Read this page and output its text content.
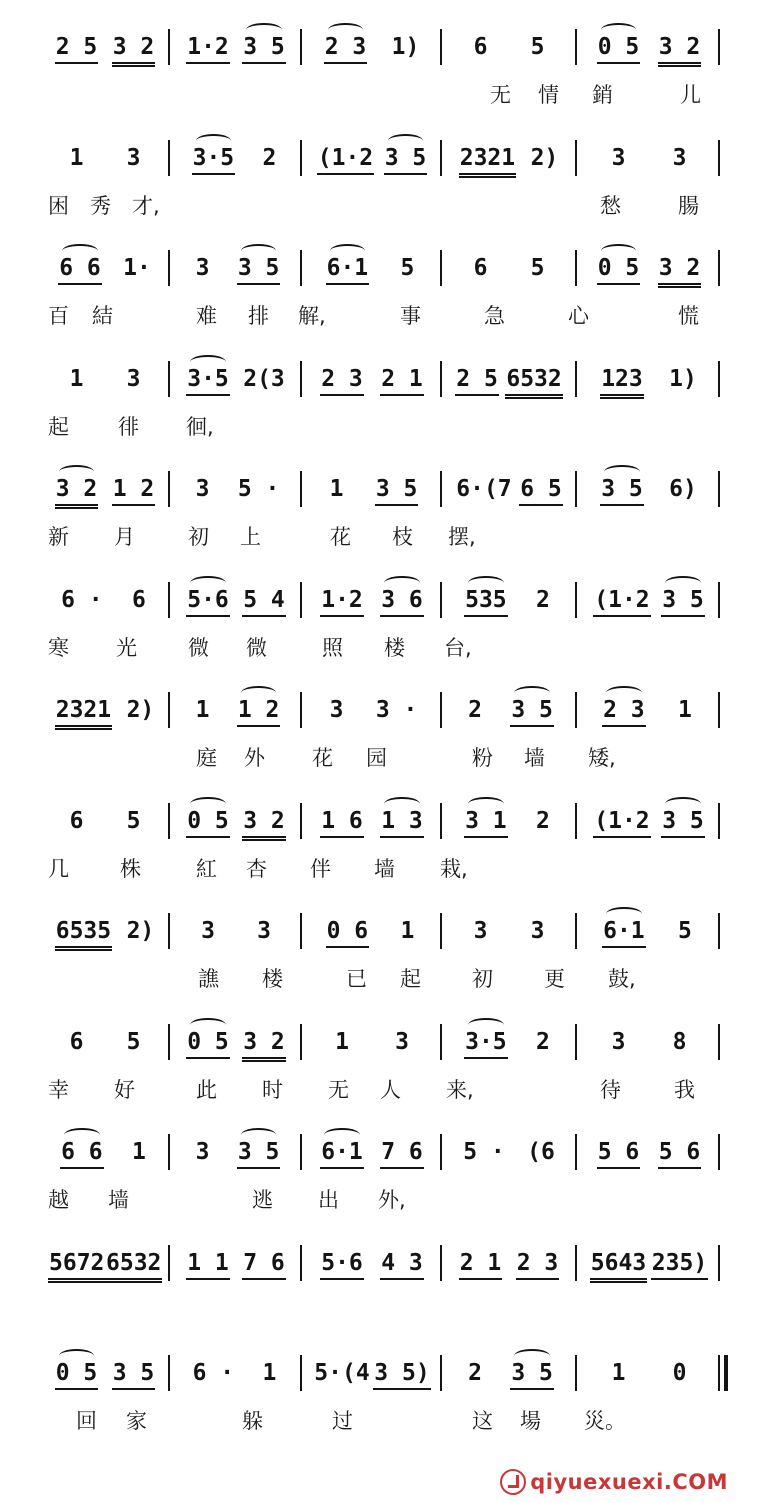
2 5 3 2 1·2 3 5 2 3 1) 6 5 0 5 3 2
无 情 銷	儿
1 3 3·5 2 (1·2 3 5 2321 2) 3 3
困 秀 才,	愁	腸
6 6 1· 3 3 5 6·1 5	6 5 0 5 3 2
百 結	难 排 解,	事	急	心	慌
1 3 3·5 2(3 2 3 2 1 2 5 6532 123 1)
起 徘 徊,
3 2 1 2 3 5 · 1 3 5 6·(7 6 5 3 5 6)
新 月	初 上	花 枝 摆,
6 · 6 5·6 5 4 1·2 3 6 535 2 (1·2 3 5
寒 光 微 微	照 楼 台,
2321 2) 1 1 2 3 3 · 2 3 5 2 3 1
庭 外 花 园	粉 墙 矮,
6 5 0 5 3 2 1 6 1 3 3 1 2 (1·2 3 5
几 株	紅 杏 伴 墙 栽,
6535 2) 3 3 0 6 1	3 3	6·1 5
譙 楼	已 起 初 更 鼓,
6 5 0 5 3 2 1 3 3·5 2	3 8
幸 好	此 时 无 人 来,	待	我
6 6 1 3 3 5 6·1 7 6 5 · (6 5 6 5 6
越 墙	逃 出 外,
5672 6532 1 1 7 6 5·6 4 3 2 1 2 3 5643 235)
0 5 3 5 6 · 1 5·(4 3 5) 2 3 5	1 0
回 家	躲	过	这 場 災。
qiyuexuexi.COM
